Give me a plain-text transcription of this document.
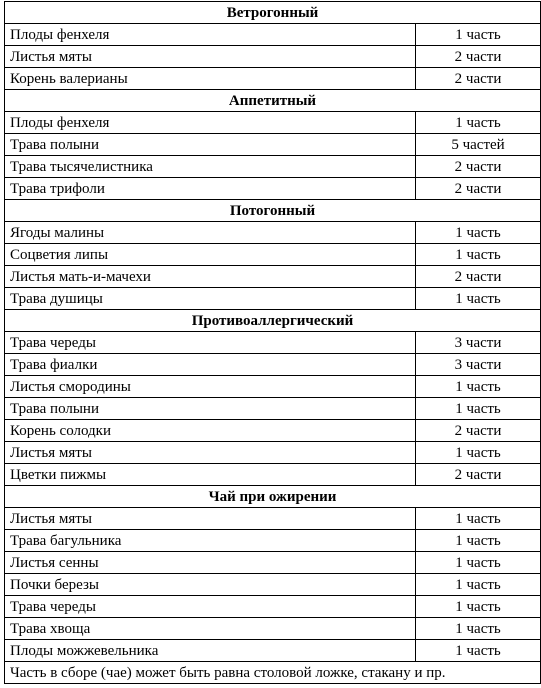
Ветрогонный	
Плоды фенхеля	1 часть
Листья мяты	2 части
Корень валерианы	2 части
Аппетитный	
Плоды фенхеля	1 часть
Трава полыни	5 частей
Трава тысячелистника	2 части
Трава трифоли	2 части
Потогонный	
Ягоды малины	1 часть
Соцветия липы	1 часть
Листья мать-и-мачехи	2 части
Трава душицы	1 часть
Противоаллергический	
Трава череды	3 части
Трава фиалки	3 части
Листья смородины	1 часть
Трава полыни	1 часть
Корень солодки	2 части
Листья мяты	1 часть
Цветки пижмы	2 части
Чай при ожирении	
Листья мяты	1 часть
Трава багульника	1 часть
Листья сенны	1 часть
Почки березы	1 часть
Трава череды	1 часть
Трава хвоща	1 часть
Плоды можжевельника	1 часть
Часть в сборе (чае) может быть равна столовой ложке, стакану и пр.	
